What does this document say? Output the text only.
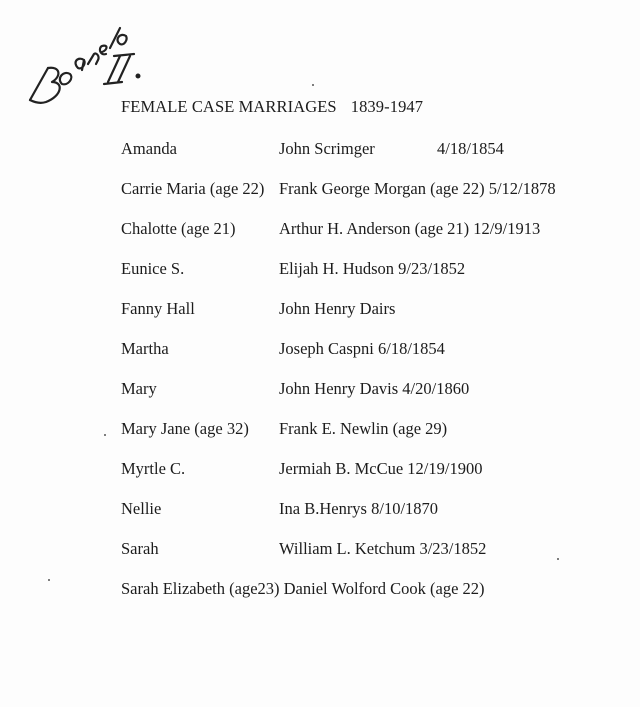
FEMALE CASE MARRIAGES 1839-1947
Amanda	John Scrimger	4/18/1854
Carrie Maria (age 22) Frank George Morgan (age 22) 5/12/1878
Chalotte (age 21)	Arthur H. Anderson (age 21) 12/9/1913
Eunice S.	Elijah H. Hudson 9/23/1852
Fanny Hall	John Henry Dairs
Martha	Joseph Caspni 6/18/1854
Mary	John Henry Davis 4/20/1860
Mary Jane (age 32) Frank E. Newlin (age 29)
Myrtle C.	Jermiah B. McCue 12/19/1900
Nellie	Ina B.Henrys 8/10/1870
Sarah	William L. Ketchum 3/23/1852
Sarah Elizabeth (age23) Daniel Wolford Cook (age 22)
